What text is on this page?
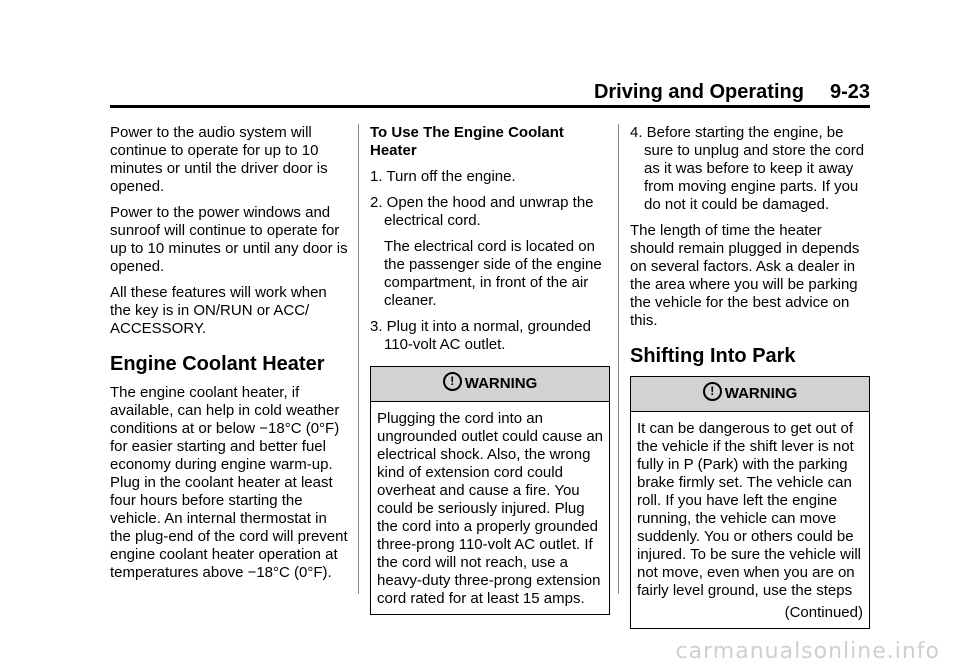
Driving and Operating 9-23

Power to the audio system will continue to operate for up to 10 minutes or until the driver door is opened.

Power to the power windows and sunroof will continue to operate for up to 10 minutes or until any door is opened.

All these features will work when the key is in ON/RUN or ACC/ ACCESSORY.

Engine Coolant Heater

The engine coolant heater, if available, can help in cold weather conditions at or below −18°C (0°F) for easier starting and better fuel economy during engine warm-up. Plug in the coolant heater at least four hours before starting the vehicle. An internal thermostat in the plug-end of the cord will prevent engine coolant heater operation at temperatures above −18°C (0°F).

To Use The Engine Coolant Heater

1. Turn off the engine.

2. Open the hood and unwrap the electrical cord.

The electrical cord is located on the passenger side of the engine compartment, in front of the air cleaner.

3. Plug it into a normal, grounded 110-volt AC outlet.

! WARNING
Plugging the cord into an ungrounded outlet could cause an electrical shock. Also, the wrong kind of extension cord could overheat and cause a fire. You could be seriously injured. Plug the cord into a properly grounded three-prong 110-volt AC outlet. If the cord will not reach, use a heavy-duty three-prong extension cord rated for at least 15 amps.

4. Before starting the engine, be sure to unplug and store the cord as it was before to keep it away from moving engine parts. If you do not it could be damaged.

The length of time the heater should remain plugged in depends on several factors. Ask a dealer in the area where you will be parking the vehicle for the best advice on this.

Shifting Into Park
! WARNING
It can be dangerous to get out of the vehicle if the shift lever is not fully in P (Park) with the parking brake firmly set. The vehicle can roll. If you have left the engine running, the vehicle can move suddenly. You or others could be injured. To be sure the vehicle will not move, even when you are on fairly level ground, use the steps
(Continued)
carmanualsonline.info
